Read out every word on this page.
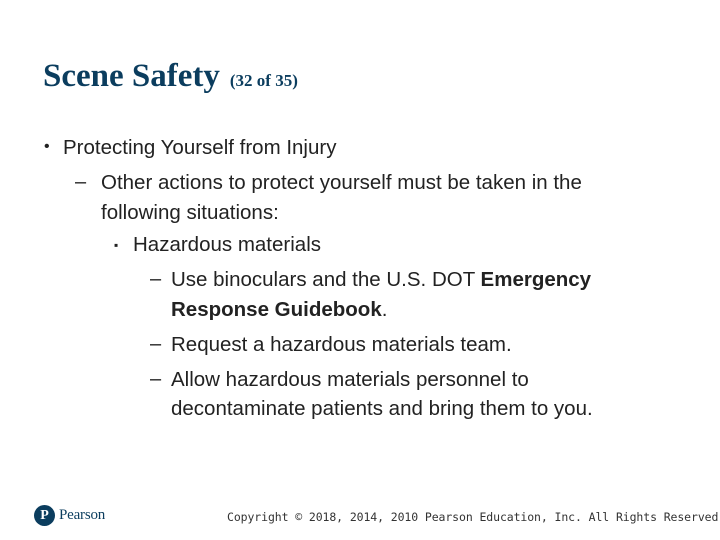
Scene Safety (32 of 35)
• Protecting Yourself from Injury
– Other actions to protect yourself must be taken in the
following situations:
▪ Hazardous materials
– Use binoculars and the U.S. DOT Emergency
Response Guidebook.
– Request a hazardous materials team.
– Allow hazardous materials personnel to
decontaminate patients and bring them to you.
P Pearson	Copyright © 2018, 2014, 2010 Pearson Education, Inc. All Rights Reserved
